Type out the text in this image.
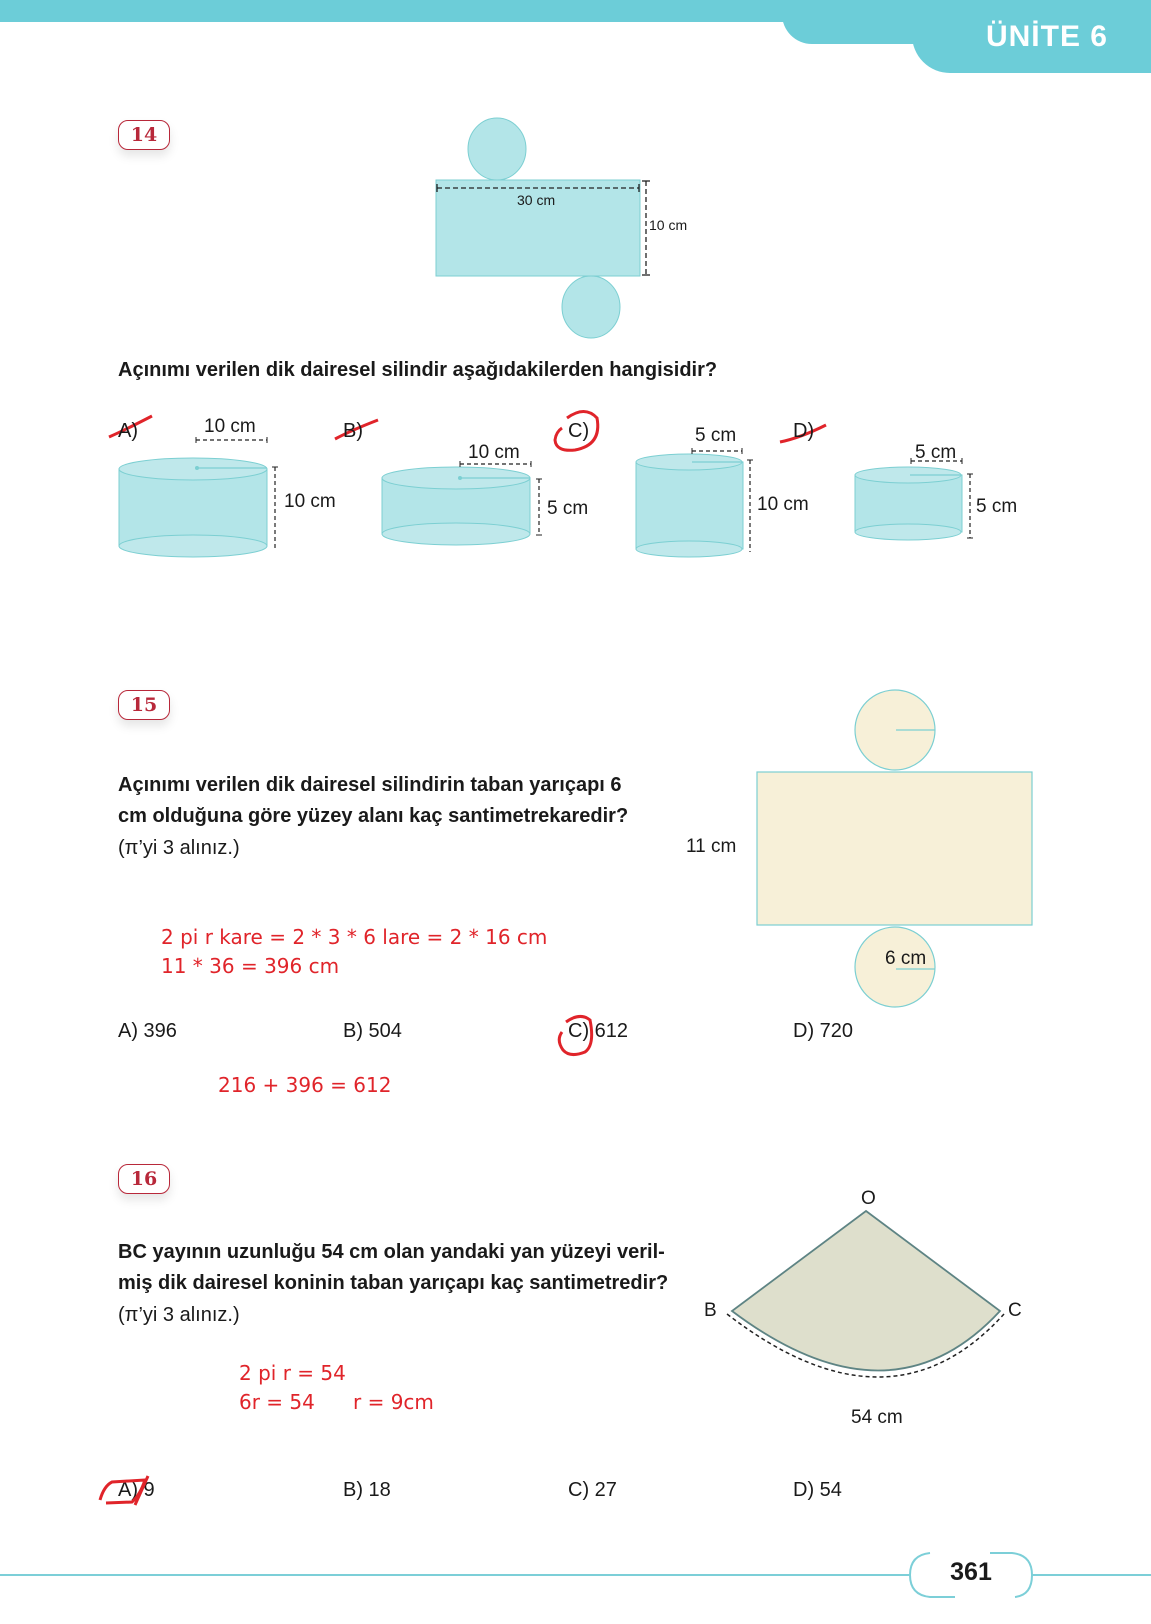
ÜNİTE 6
14
30 cm
10 cm
Açınımı verilen dik dairesel silindir aşağıdakilerden hangisidir?
A)	10 cm
10 cm
B)
10 cm
5 cm
C)	5 cm
10 cm
D)
5 cm
5 cm
15
Açınımı verilen dik dairesel silindirin taban yarıçapı 6
cm olduğuna göre yüzey alanı kaç santimetrekaredir?
(π’yi 3 alınız.)	11 cm
6 cm
2 pi r kare = 2 * 3 * 6 lare = 2 * 16 cm
11 * 36 = 396 cm
A) 396	B) 504	C) 612	D) 720
216 + 396 = 612
16
BC yayının uzunluğu 54 cm olan yandaki yan yüzeyi veril-
miş dik dairesel koninin taban yarıçapı kaç santimetredir?
(π’yi 3 alınız.)
O
B	C
54 cm
2 pi r = 54
6r = 54      r = 9cm
A) 9	B) 18	C) 27	D) 54
361
